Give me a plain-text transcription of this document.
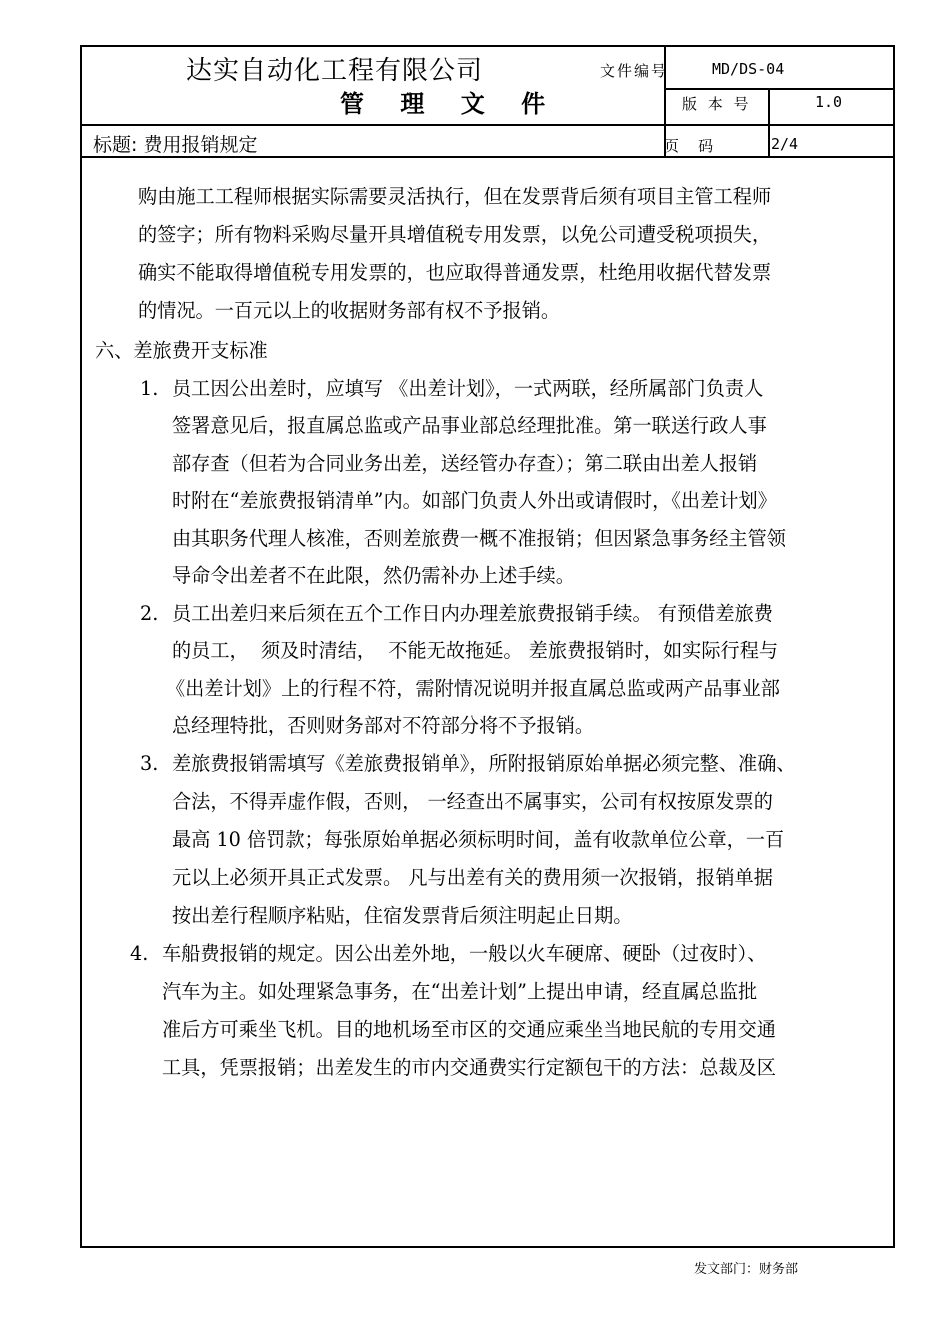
达实自动化工程有限公司
管 理 文 件
文件编号	MD/DS-04
版 本 号	1.0
标题: 费用报销规定	页    码	2/4
购由施工工程师根据实际需要灵活执行，但在发票背后须有项目主管工程师
的签字；所有物料采购尽量开具增值税专用发票，以免公司遭受税项损失，
确实不能取得增值税专用发票的，也应取得普通发票，杜绝用收据代替发票
的情况。一百元以上的收据财务部有权不予报销。
六、差旅费开支标准
1. 员工因公出差时，应填写 《出差计划》，一式两联，经所属部门负责人
签署意见后，报直属总监或产品事业部总经理批准。第一联送行政人事
部存查（但若为合同业务出差，送经管办存查）；第二联由出差人报销
时附在“差旅费报销清单”内。如部门负责人外出或请假时，《出差计划》
由其职务代理人核准，否则差旅费一概不准报销；但因紧急事务经主管领
导命令出差者不在此限，然仍需补办上述手续。
2. 员工出差归来后须在五个工作日内办理差旅费报销手续。 有预借差旅费
的员工，  须及时清结，  不能无故拖延。 差旅费报销时，如实际行程与
《出差计划》上的行程不符，需附情况说明并报直属总监或两产品事业部
总经理特批，否则财务部对不符部分将不予报销。
3. 差旅费报销需填写《差旅费报销单》，所附报销原始单据必须完整、准确、
合法，不得弄虚作假，否则， 一经查出不属事实，公司有权按原发票的
最高 10 倍罚款；每张原始单据必须标明时间，盖有收款单位公章，一百
元以上必须开具正式发票。 凡与出差有关的费用须一次报销，报销单据
按出差行程顺序粘贴，住宿发票背后须注明起止日期。
4. 车船费报销的规定。因公出差外地，一般以火车硬席、硬卧（过夜时）、
汽车为主。如处理紧急事务，在“出差计划”上提出申请，经直属总监批
准后方可乘坐飞机。目的地机场至市区的交通应乘坐当地民航的专用交通
工具，凭票报销；出差发生的市内交通费实行定额包干的方法：总裁及区
发文部门：财务部
